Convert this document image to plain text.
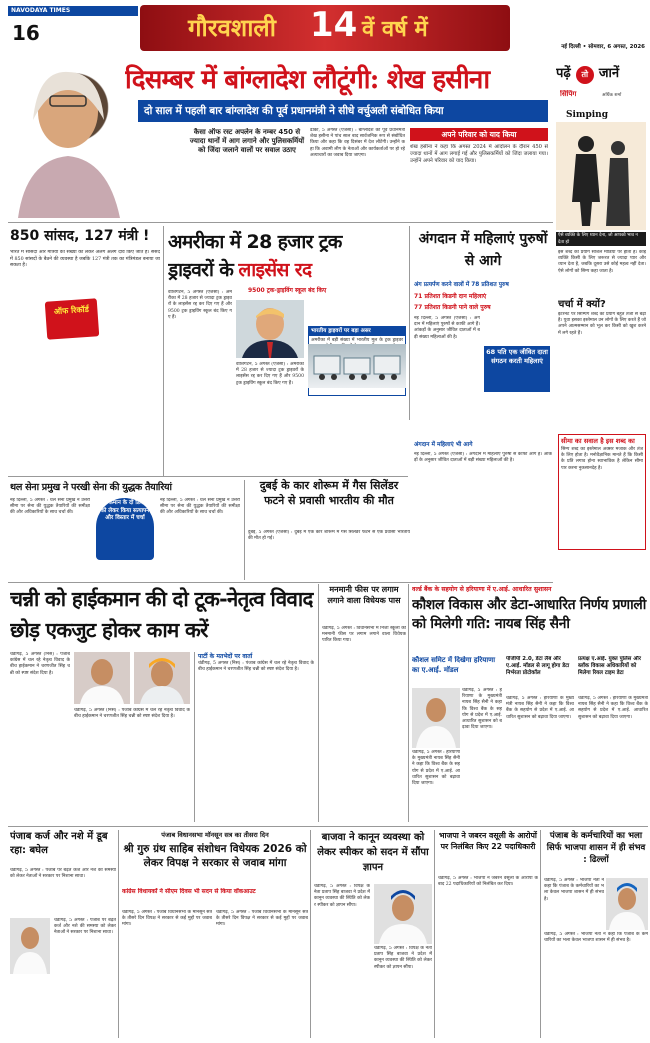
NAVODAYA TIMES
16	गौरवशाली 14 वें वर्ष में
नई दिल्ली • सोमवार, 6 अगस्त, 2026
दिसम्बर में बांग्लादेश लौटूंगी: शेख हसीना
दो साल में पहली बार बांग्लादेश की पूर्व प्रधानमंत्री ने सीधे वर्चुअली संबोधित किया
कैसा ऑफ रस्ट अपलेन के नम्बर 450 से ज्यादा थानों में आग लगाने और पुलिसकर्मियों को जिंदा जलाने वालों पर सवाल उठाए
ढाका, 5 अगस्त (एजेंसी) : बांग्लादेश की पूर्व प्रधानमंत्री शेख हसीना ने पांच साल बाद सार्वजनिक रूप से संबोधित किया और कहा कि वह दिसंबर में देश लौटेंगी। उन्होंने कहा कि अवामी लीग के नेताओं और कार्यकर्ताओं पर हो रहे अत्याचारों का जवाब दिया जाएगा।
अपने परिवार को याद किया
शेख हसीना ने कहा कि अगस्त 2024 में आंदोलन के दौरान 450 से ज्यादा थानों में आग लगाई गई और पुलिसकर्मियों को जिंदा जलाया गया। उन्होंने अपने परिवार को याद किया।
पढ़ें तो जानें
सिंपिंग	अर्थिक शर्मा
Simping
ऐसे व्यक्ति के लिए ध्यान देना, जो आपको भाव न देता हो
इस शब्द का प्रयोग सोशल मीडिया पर होता है। कोई व्यक्ति किसी के लिए जरूरत से ज्यादा प्यार और ध्यान देता है, जबकि दूसरा उसे कोई महत्व नहीं देता। ऐसे लोगों को सिम्प कहा जाता है।
चर्चा में क्यों?
इंटरनेट पर सिम्पिंग शब्द का प्रयोग बहुत तेजी से बढ़ा है। युवा इसका इस्तेमाल उन लोगों के लिए करते हैं जो अपने आत्मसम्मान को भूल कर किसी को खुश करने में लगे रहते हैं।
सीमा का सवाल है इस शब्द का
सिम्प शब्द का इस्तेमाल अक्सर मजाक और तंज के लिए होता है। मनोवैज्ञानिक मानते हैं कि किसी के प्रति लगाव होना स्वाभाविक है लेकिन सीमा पार करना नुकसानदेह है।
850 सांसद, 127 मंत्री !
भारत में सांसदों और मंत्रियों की संख्या को लेकर अलग अलग दावे किए जाते हैं। संसद में 850 सांसदों के बैठने की व्यवस्था है जबकि 127 मंत्री तक का मंत्रिमंडल बनाया जा सकता है।
ऑफ रिकॉर्ड
अमरीका में 28 हजार ट्रक
ड्राइवरों के लाइसेंस रद
9500 ट्रक-ड्राइविंग स्कूल बंद किए
वाशिंगटन, 5 अगस्त (एजेंसी) : अमरीका में 28 हजार से ज्यादा ट्रक ड्राइवरों के लाइसेंस रद्द कर दिए गए हैं और 9500 ट्रक ड्राइविंग स्कूल बंद किए गए हैं।
वाशिंगटन, 5 अगस्त (एजेंसी) : अमरीका में 28 हजार से ज्यादा ट्रक ड्राइवरों के लाइसेंस रद्द कर दिए गए हैं और 9500 ट्रक ड्राइविंग स्कूल बंद किए गए हैं।
भारतीय ड्राइवरों पर बड़ा असर
अमरीका में बड़ी संख्या में भारतीय मूल के ट्रक ड्राइवर
अंगदान में महिलाएं पुरुषों से आगे
अंग प्रत्यर्पण करने वालों में 78 प्रतिशत पुरुष
71 प्रतिशत किडनी दान महिलाएं
77 प्रतिशत किडनी पाने वाले पुरुष
नई दिल्ली, 5 अगस्त (एजेंसी) : अंगदान में महिलाएं पुरुषों से काफी आगे हैं। आंकड़ों के अनुसार जीवित दाताओं में बड़ी संख्या महिलाओं की है।
68 पति एक जीवित दाता संगठन करती महिलाएं
अंगदान में महिलाएं भी आगे
नई दिल्ली, 5 अगस्त (एजेंसी) : अंगदान में महिलाएं पुरुषों से काफी आगे हैं। आंकड़ों के अनुसार जीवित दाताओं में बड़ी संख्या महिलाओं की है।
थल सेना प्रमुख ने परखी सेना की युद्धक तैयारियां
नई दिल्ली, 5 अगस्त : थल सेना प्रमुख ने उत्तरी सीमा पर सेना की युद्धक तैयारियों की समीक्षा की और अधिकारियों के साथ चर्चा की।
सेना कमान के दो डिवीजन को लेकर किया सत्यापन और विस्तार में चर्चा
नई दिल्ली, 5 अगस्त : थल सेना प्रमुख ने उत्तरी सीमा पर सेना की युद्धक तैयारियों की समीक्षा की और अधिकारियों के साथ चर्चा की।
दुबई के कार शोरूम में गैस सिलेंडर फटने से प्रवासी भारतीय की मौत
दुबई, 5 अगस्त (एजेंसी) : दुबई में एक कार शोरूम में गैस सिलेंडर फटने से एक प्रवासी भारतीय की मौत हो गई।
चन्नी को हाईकमान की दो टूक-नेतृत्व विवाद छोड़ एकजुट होकर काम करें
चंडीगढ़, 5 अगस्त (निस) : पंजाब कांग्रेस में चल रहे नेतृत्व विवाद के बीच हाईकमान ने चरणजीत सिंह चन्नी को स्पष्ट संदेश दिया है।
चंडीगढ़, 5 अगस्त (निस) : पंजाब कांग्रेस में चल रहे नेतृत्व विवाद के बीच हाईकमान ने चरणजीत सिंह चन्नी को स्पष्ट संदेश दिया है।
पार्टी के मतभेदों पर वार्ता
चंडीगढ़, 5 अगस्त (निस) : पंजाब कांग्रेस में चल रहे नेतृत्व विवाद के बीच हाईकमान ने चरणजीत सिंह चन्नी को स्पष्ट संदेश दिया है।
मनमानी फीस पर लगाम लगाने वाला विधेयक पास
चंडीगढ़, 5 अगस्त : विधानसभा में निजी स्कूलों की मनमानी फीस पर लगाम लगाने वाला विधेयक पारित किया गया।
वर्ल्ड बैंक के सहयोग से हरियाणा में ए.आई. आधारित सुशासन
कौशल विकास और डेटा-आधारित निर्णय प्रणाली को मिलेगी गति: नायब सिंह सैनी
कौशल समिट में दिखेगा हरियाणा का ए.आई. मॉडल
चंडीगढ़, 5 अगस्त : हरियाणा के मुख्यमंत्री नायब सिंह सैनी ने कहा कि विश्व बैंक के सहयोग से प्रदेश में ए.आई. आधारित सुशासन को बढ़ावा दिया जाएगा।
चंडीगढ़, 5 अगस्त : हरियाणा के मुख्यमंत्री नायब सिंह सैनी ने कहा कि विश्व बैंक के सहयोग से प्रदेश में ए.आई. आधारित सुशासन को बढ़ावा दिया जाएगा।
पीजीपी 2.0, डेटा लैब और ए.आई. मॉडल से लागू होगा डेटा निर्भरता प्रोटोकॉल
चंडीगढ़, 5 अगस्त : हरियाणा के मुख्यमंत्री नायब सिंह सैनी ने कहा कि विश्व बैंक के सहयोग से प्रदेश में ए.आई. आधारित सुशासन को बढ़ावा दिया जाएगा।
प्रत्यक्ष ए.आई. युक्त पुलिस और ब्लॉक विकास अधिकारियों को मिलेगा रियल टाइम डेटा
चंडीगढ़, 5 अगस्त : हरियाणा के मुख्यमंत्री नायब सिंह सैनी ने कहा कि विश्व बैंक के सहयोग से प्रदेश में ए.आई. आधारित सुशासन को बढ़ावा दिया जाएगा।
पंजाब कर्ज और नशे में डूब रहा: बघेल
चंडीगढ़, 5 अगस्त : पंजाब पर बढ़ते कर्ज और नशे की समस्या को लेकर नेताओं ने सरकार पर निशाना साधा।
चंडीगढ़, 5 अगस्त : पंजाब पर बढ़ते कर्ज और नशे की समस्या को लेकर नेताओं ने सरकार पर निशाना साधा।
पंजाब विधानसभा मॉनसून सत्र का तीसरा दिन
श्री गुरु ग्रंथ साहिब संशोधन विधेयक 2026 को लेकर विपक्ष ने सरकार से जवाब मांगा
कांग्रेस विधायकों ने सीएम दिवस भी सदन से किया वॉकआउट
चंडीगढ़, 5 अगस्त : पंजाब विधानसभा के मॉनसून सत्र के तीसरे दिन विपक्ष ने सरकार से कई मुद्दों पर जवाब मांगा।
चंडीगढ़, 5 अगस्त : पंजाब विधानसभा के मॉनसून सत्र के तीसरे दिन विपक्ष ने सरकार से कई मुद्दों पर जवाब मांगा।
बाजवा ने कानून व्यवस्था को लेकर स्पीकर को सदन में सौंपा ज्ञापन
चंडीगढ़, 5 अगस्त : विपक्ष के नेता प्रताप सिंह बाजवा ने प्रदेश में कानून व्यवस्था की स्थिति को लेकर स्पीकर को ज्ञापन सौंपा।
चंडीगढ़, 5 अगस्त : विपक्ष के नेता प्रताप सिंह बाजवा ने प्रदेश में कानून व्यवस्था की स्थिति को लेकर स्पीकर को ज्ञापन सौंपा।
भाजपा ने जबरन वसूली के आरोपों पर निलंबित किए 22 पदाधिकारी
चंडीगढ़, 5 अगस्त : भाजपा ने जबरन वसूली के आरोपों के बाद 22 पदाधिकारियों को निलंबित कर दिया।
पंजाब के कर्मचारियों का भला सिर्फ भाजपा शासन में ही संभव : ढिल्लों
चंडीगढ़, 5 अगस्त : भाजपा नेता ने कहा कि पंजाब के कर्मचारियों का भला केवल भाजपा शासन में ही संभव है।
चंडीगढ़, 5 अगस्त : भाजपा नेता ने कहा कि पंजाब के कर्मचारियों का भला केवल भाजपा शासन में ही संभव है।
